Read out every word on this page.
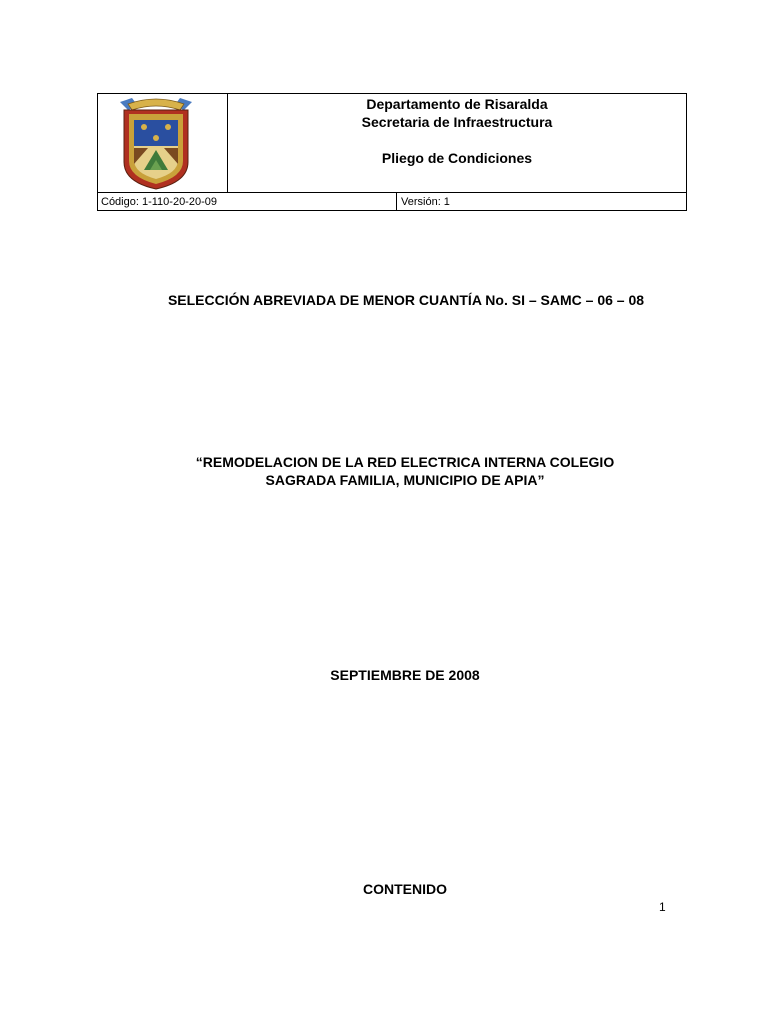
Departamento de Risaralda
Secretaria de Infraestructura
Pliego de Condiciones
Código: 1-110-20-20-09	Versión: 1
SELECCIÓN ABREVIADA DE MENOR CUANTÍA No. SI – SAMC – 06 – 08
“REMODELACION DE LA RED ELECTRICA INTERNA COLEGIO
SAGRADA FAMILIA, MUNICIPIO DE APIA”
SEPTIEMBRE DE 2008
CONTENIDO
1
